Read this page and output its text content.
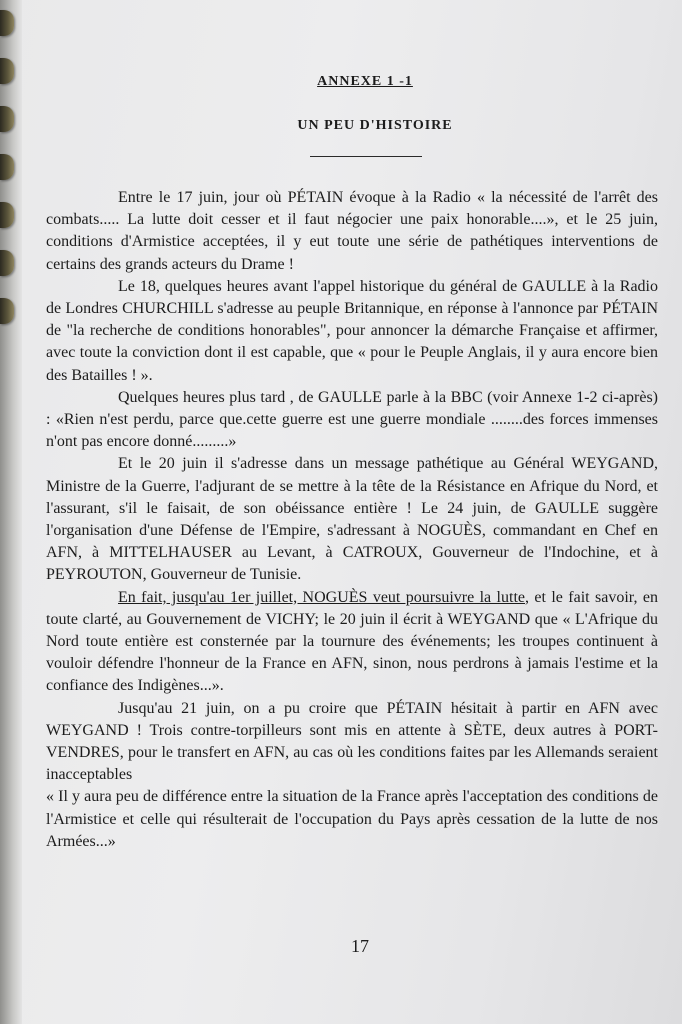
ANNEXE 1 -1
UN PEU D'HISTOIRE

Entre le 17 juin, jour où PÉTAIN évoque à la Radio « la nécessité de l'arrêt des combats..... La lutte doit cesser et il faut négocier une paix honorable....», et le 25 juin, conditions d'Armistice acceptées, il y eut toute une série de pathétiques interventions de certains des grands acteurs du Drame !

Le 18, quelques heures avant l'appel historique du général de GAULLE à la Radio de Londres CHURCHILL s'adresse au peuple Britannique, en réponse à l'annonce par PÉTAIN de "la recherche de conditions honorables", pour annoncer la démarche Française et affirmer, avec toute la conviction dont il est capable, que « pour le Peuple Anglais, il y aura encore bien des Batailles ! ».

Quelques heures plus tard , de GAULLE parle à la BBC (voir Annexe 1-2 ci-après) : «Rien n'est perdu, parce que.cette guerre est une guerre mondiale ........des forces immenses n'ont pas encore donné.........»

Et le 20 juin il s'adresse dans un message pathétique au Général WEYGAND, Ministre de la Guerre, l'adjurant de se mettre à la tête de la Résistance en Afrique du Nord, et l'assurant, s'il le faisait, de son obéissance entière ! Le 24 juin, de GAULLE suggère l'organisation d'une Défense de l'Empire, s'adressant à NOGUÈS, commandant en Chef en AFN, à MITTELHAUSER au Levant, à CATROUX, Gouverneur de l'Indochine, et à PEYROUTON, Gouverneur de Tunisie.

En fait, jusqu'au 1er juillet, NOGUÈS veut poursuivre la lutte, et le fait savoir, en toute clarté, au Gouvernement de VICHY; le 20 juin il écrit à WEYGAND que « L'Afrique du Nord toute entière est consternée par la tournure des événements; les troupes continuent à vouloir défendre l'honneur de la France en AFN, sinon, nous perdrons à jamais l'estime et la confiance des Indigènes...».

Jusqu'au 21 juin, on a pu croire que PÉTAIN hésitait à partir en AFN avec WEYGAND ! Trois contre-torpilleurs sont mis en attente à SÈTE, deux autres à PORT-VENDRES, pour le transfert en AFN, au cas où les conditions faites par les Allemands seraient inacceptables

« Il y aura peu de différence entre la situation de la France après l'acceptation des conditions de l'Armistice et celle qui résulterait de l'occupation du Pays après cessation de la lutte de nos Armées...»

17
